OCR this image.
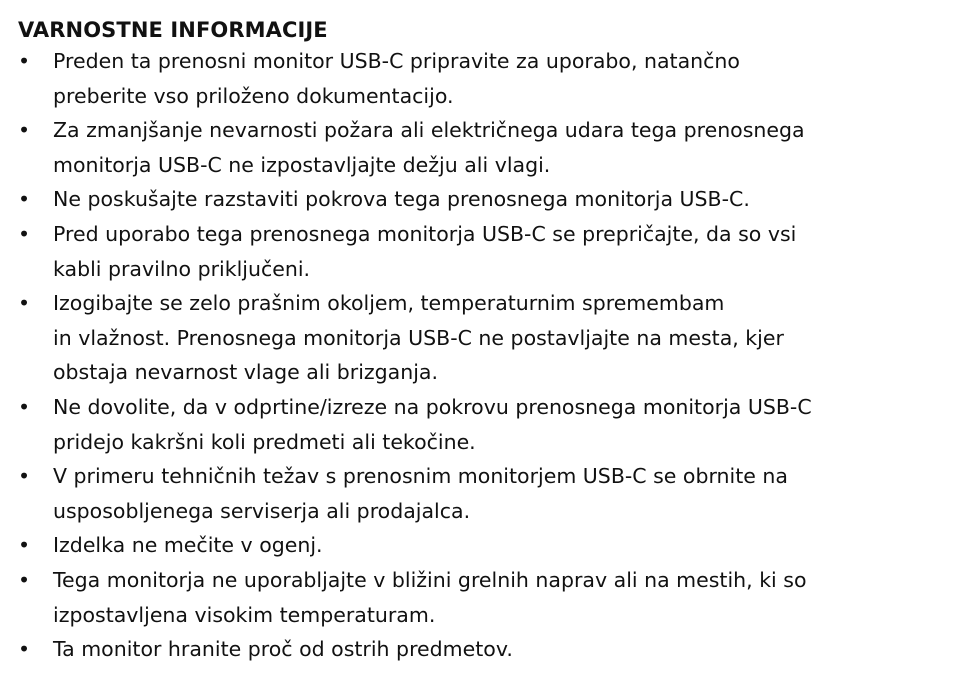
VARNOSTNE INFORMACIJE
• Preden ta prenosni monitor USB-C pripravite za uporabo, natančno
preberite vso priloženo dokumentacijo.
• Za zmanjšanje nevarnosti požara ali električnega udara tega prenosnega
monitorja USB-C ne izpostavljajte dežju ali vlagi.
• Ne poskušajte razstaviti pokrova tega prenosnega monitorja USB-C.
• Pred uporabo tega prenosnega monitorja USB-C se prepričajte, da so vsi
kabli pravilno priključeni.
• Izogibajte se zelo prašnim okoljem, temperaturnim spremembam
in vlažnost. Prenosnega monitorja USB-C ne postavljajte na mesta, kjer
obstaja nevarnost vlage ali brizganja.
• Ne dovolite, da v odprtine/izreze na pokrovu prenosnega monitorja USB-C
pridejo kakršni koli predmeti ali tekočine.
• V primeru tehničnih težav s prenosnim monitorjem USB-C se obrnite na
usposobljenega serviserja ali prodajalca.
• Izdelka ne mečite v ogenj.
• Tega monitorja ne uporabljajte v bližini grelnih naprav ali na mestih, ki so
izpostavljena visokim temperaturam.
• Ta monitor hranite proč od ostrih predmetov.
